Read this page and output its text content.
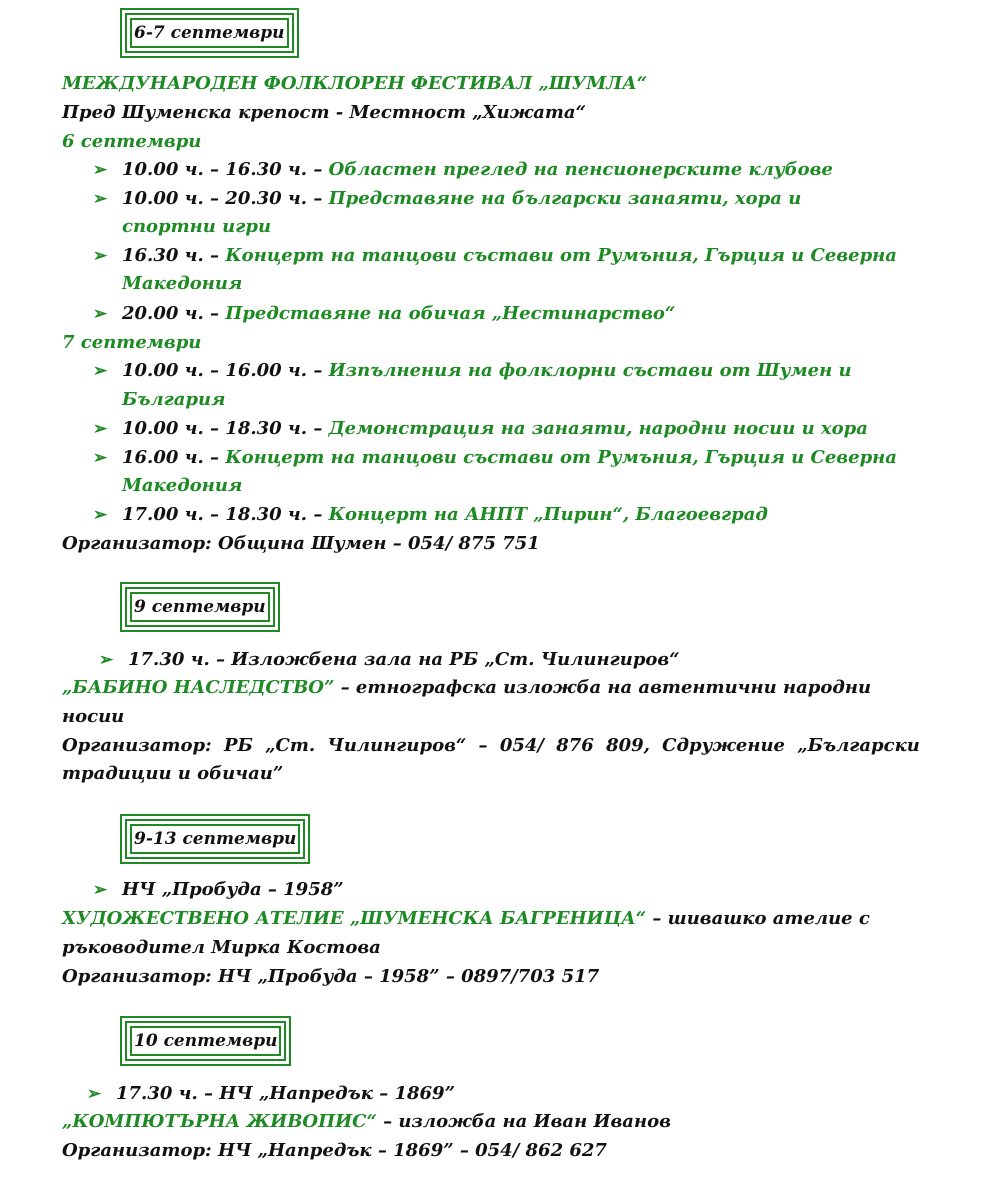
6-7 септември
МЕЖДУНАРОДЕН ФОЛКЛОРЕН ФЕСТИВАЛ „ШУМЛА“
Пред Шуменска крепост - Местност „Хижата“
6 септември
➢ 10.00 ч. – 16.30 ч. – Областен преглед на пенсионерските клубове
➢ 10.00 ч. – 20.30 ч. – Представяне на български занаяти, хора и
спортни игри
➢ 16.30 ч. – Концерт на танцови състави от Румъния, Гърция и Северна
Македония
➢ 20.00 ч. – Представяне на обичая „Нестинарство“
7 септември
➢ 10.00 ч. – 16.00 ч. – Изпълнения на фолклорни състави от Шумен и
България
➢ 10.00 ч. – 18.30 ч. – Демонстрация на занаяти, народни носии и хора
➢ 16.00 ч. – Концерт на танцови състави от Румъния, Гърция и Северна
Македония
➢ 17.00 ч. – 18.30 ч. – Концерт на АНПТ „Пирин“, Благоевград
Организатор: Община Шумен – 054/ 875 751
9 септември
➢ 17.30 ч. – Изложбена зала на РБ „Ст. Чилингиров“
„БАБИНО НАСЛЕДСТВО” – етнографска изложба на автентични народни
носии
Организатор: РБ „Ст. Чилингиров“ – 054/ 876 809, Сдружение „Български
традиции и обичаи”
9-13 септември
➢ НЧ „Пробуда – 1958”
ХУДОЖЕСТВЕНО АТЕЛИЕ „ШУМЕНСКА БАГРЕНИЦА“ – шивашко ателие с
ръководител Мирка Костова
Организатор: НЧ „Пробуда – 1958” – 0897/703 517
10 септември
➢ 17.30 ч. – НЧ „Напредък – 1869”
„КОМПЮТЪРНА ЖИВОПИС“ – изложба на Иван Иванов
Организатор: НЧ „Напредък – 1869” – 054/ 862 627
